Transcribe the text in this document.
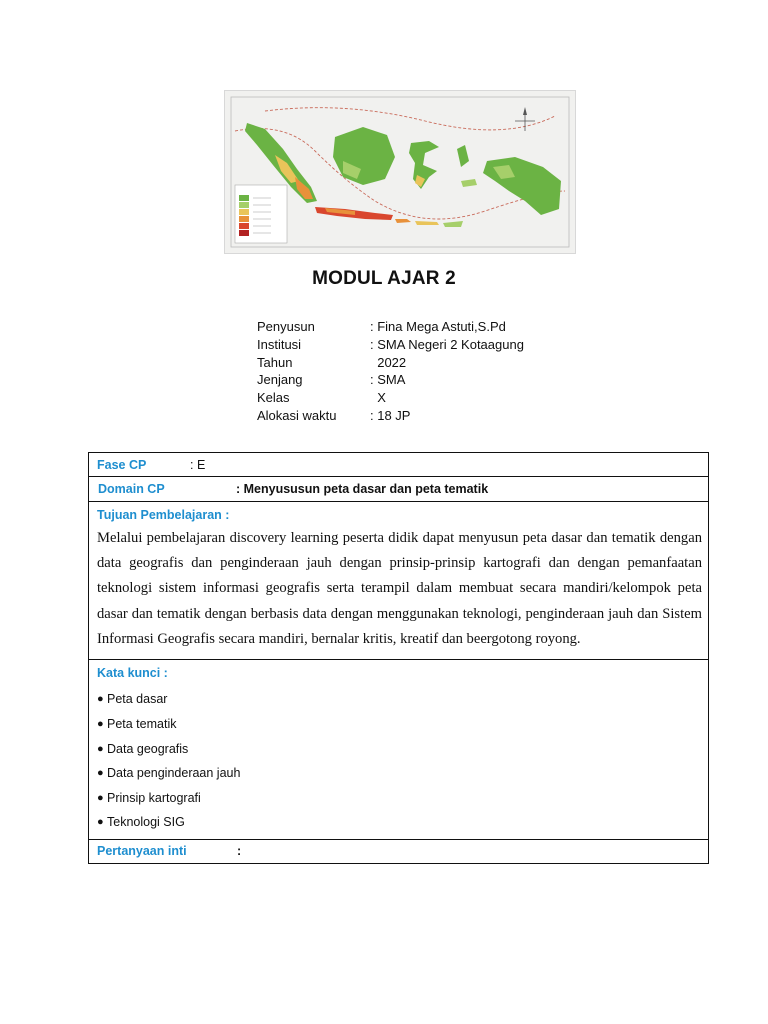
MODUL AJAR 2
Penyusun	: Fina Mega Astuti,S.Pd
Institusi	: SMA Negeri 2 Kotaagung
Tahun	2022
Jenjang	: SMA
Kelas	X
Alokasi waktu	: 18 JP
Fase CP	: E
Domain CP	: Menyususun peta dasar dan peta tematik
Tujuan Pembelajaran :
Melalui pembelajaran discovery learning peserta didik dapat menyusun peta dasar dan tematik dengan data geografis dan penginderaan jauh dengan prinsip-prinsip kartografi dan dengan pemanfaatan teknologi sistem informasi geografis serta terampil dalam membuat secara mandiri/kelompok peta dasar dan tematik dengan berbasis data dengan menggunakan teknologi, penginderaan jauh dan Sistem Informasi Geografis secara mandiri, bernalar kritis, kreatif dan beergotong royong.
Kata kunci :
● Peta dasar
● Peta tematik
● Data geografis
● Data penginderaan jauh
● Prinsip kartografi
● Teknologi SIG
Pertanyaan inti	:
